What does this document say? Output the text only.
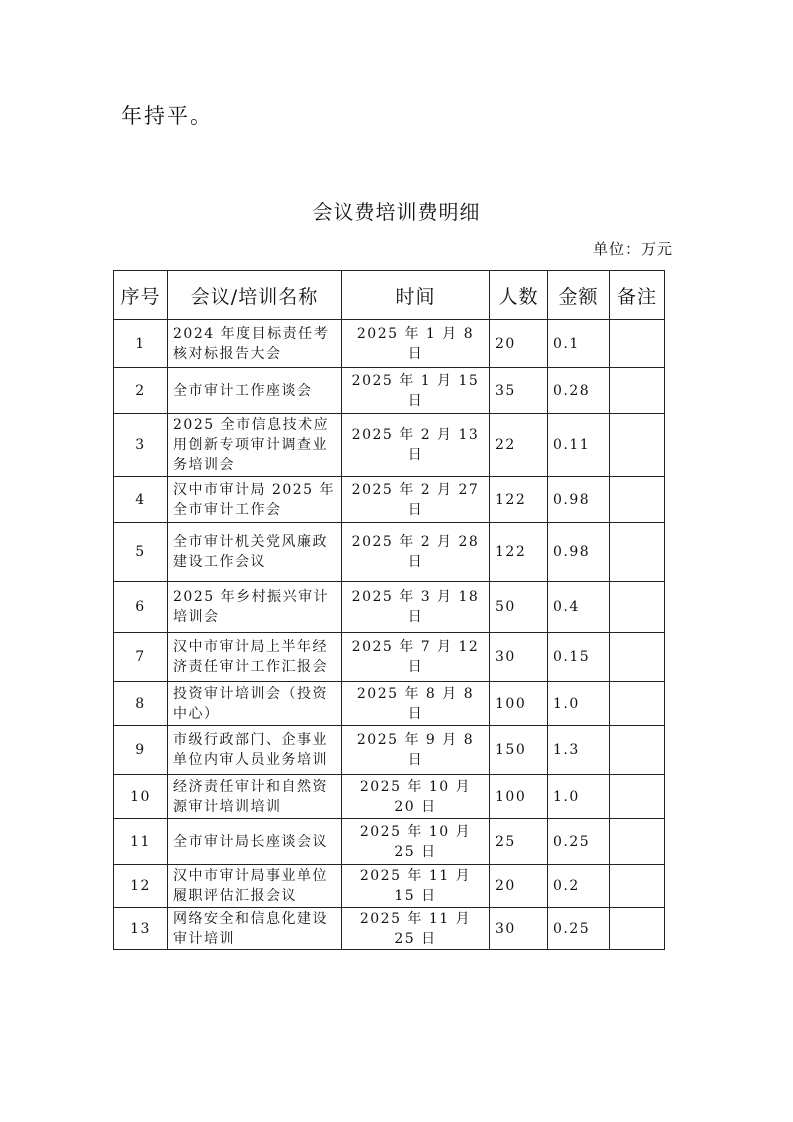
年持平。
会议费培训费明细
单位：万元
序号	会议/培训名称	时间	人数	金额	备注
1	2024 年度目标责任考核对标报告大会	2025 年 1 月 8 日	20	0.1	
2	全市审计工作座谈会	2025 年 1 月 15 日	35	0.28	
3	2025 全市信息技术应用创新专项审计调查业务培训会	2025 年 2 月 13 日	22	0.11	
4	汉中市审计局 2025 年全市审计工作会	2025 年 2 月 27 日	122	0.98	
5	全市审计机关党风廉政建设工作会议	2025 年 2 月 28 日	122	0.98	
6	2025 年乡村振兴审计培训会	2025 年 3 月 18 日	50	0.4	
7	汉中市审计局上半年经济责任审计工作汇报会	2025 年 7 月 12 日	30	0.15	
8	投资审计培训会（投资中心）	2025 年 8 月 8 日	100	1.0	
9	市级行政部门、企事业单位内审人员业务培训	2025 年 9 月 8 日	150	1.3	
10	经济责任审计和自然资源审计培训培训	2025 年 10 月 20 日	100	1.0	
11	全市审计局长座谈会议	2025 年 10 月 25 日	25	0.25	
12	汉中市审计局事业单位履职评估汇报会议	2025 年 11 月 15 日	20	0.2	
13	网络安全和信息化建设审计培训	2025 年 11 月 25 日	30	0.25	
